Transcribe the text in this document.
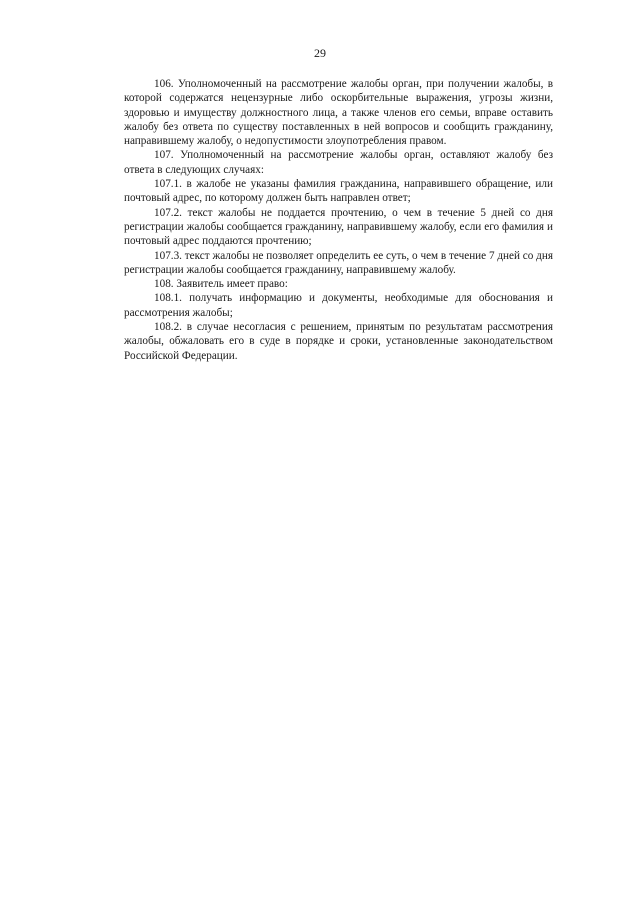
29

106. Уполномоченный на рассмотрение жалобы орган, при получении жалобы, в которой содержатся нецензурные либо оскорбительные выражения, угрозы жизни, здоровью и имуществу должностного лица, а также членов его семьи, вправе оставить жалобу без ответа по существу поставленных в ней вопросов и сообщить гражданину, направившему жалобу, о недопустимости злоупотребления правом.

107. Уполномоченный на рассмотрение жалобы орган, оставляют жалобу без ответа в следующих случаях:

107.1. в жалобе не указаны фамилия гражданина, направившего обращение, или почтовый адрес, по которому должен быть направлен ответ;

107.2. текст жалобы не поддается прочтению, о чем в течение 5 дней со дня регистрации жалобы сообщается гражданину, направившему жалобу, если его фамилия и почтовый адрес поддаются прочтению;

107.3. текст жалобы не позволяет определить ее суть, о чем в течение 7 дней со дня регистрации жалобы сообщается гражданину, направившему жалобу.

108. Заявитель имеет право:

108.1. получать информацию и документы, необходимые для обоснования и рассмотрения жалобы;

108.2. в случае несогласия с решением, принятым по результатам рассмотрения жалобы, обжаловать его в суде в порядке и сроки, установленные законодательством Российской Федерации.
